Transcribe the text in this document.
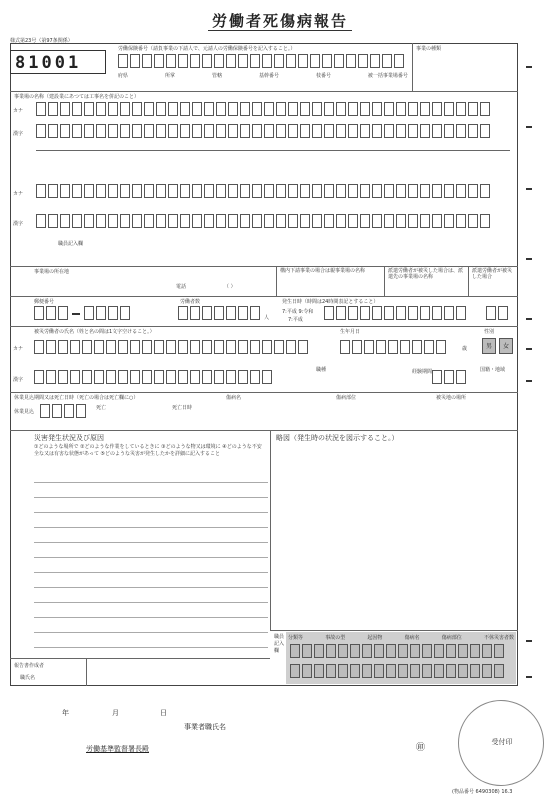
労働者死傷病報告
様式第23号（第97条関係）
81001
労働保険番号（請負事業の下請人で、元請人の労働保険番号を記入すること。）	事業の種類
府県	所掌	管轄	基幹番号	枝番号	被一括事業場番号
事業場の名称（建設業にあつては工事名を併記のこと）
カナ
漢字
カナ
漢字
職員記入欄
事業場の所在地
電話	（ ）
構内下請事業の場合は親事業場の名称	派遣労働者が被災した場合は、派遣先の事業場の名称
派遣労働者が被災した場合
郵便番号	労働者数
人
発生日時（時間は24時間表記とすること）
7:平成 9:令和
7:平成
被災労働者の氏名（姓と名の間は1文字空けること。）	生年月日	性別
カナ	歳	男	女
漢字
職種	経験期間	国籍・地域
休業見込期間又は死亡日時（死亡の場合は死亡欄に○）
休業見込
死亡	死亡日時
傷病名	傷病部位	被災地の場所
災害発生状況及び原因
①どのような場所で ②どのような作業をしているときに ③どのような物又は環境に ④どのような不安全な又は有害な状態があって ⑤どのような災害が発生したかを詳細に記入すること
略図（発生時の状況を図示すること。）
職員記入欄
分類等	事故の型	起因物	傷病名	傷病部位	不休災害者数
報告書作成者
職氏名
年	月	日
事業者職氏名
労働基準監督署長殿	㊞
受付印
(物品番号 6490308) 16.3
